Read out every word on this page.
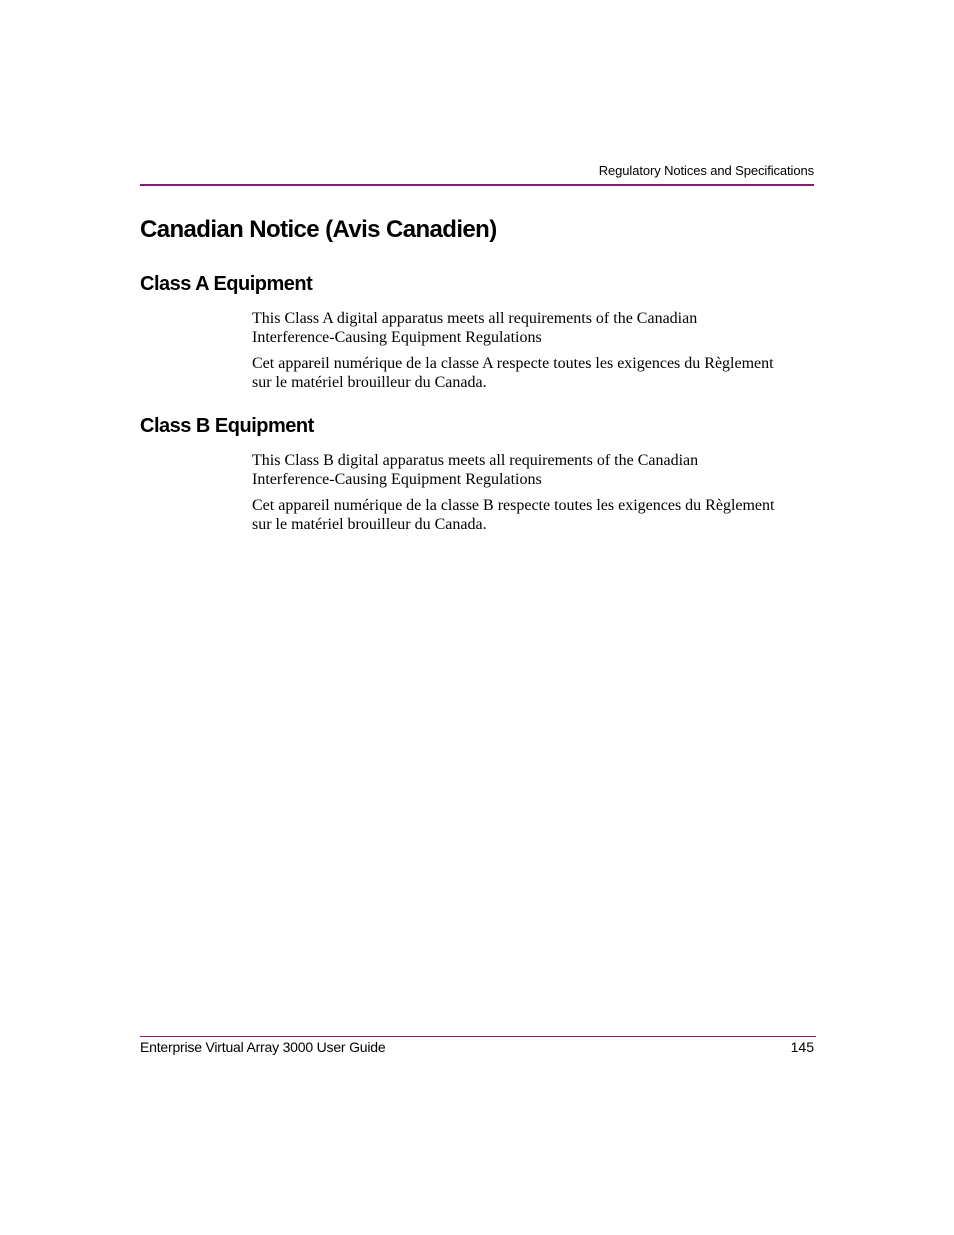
Regulatory Notices and Specifications
Canadian Notice (Avis Canadien)
Class A Equipment

This Class A digital apparatus meets all requirements of the Canadian
Interference-Causing Equipment Regulations

Cet appareil numérique de la classe A respecte toutes les exigences du Règlement
sur le matériel brouilleur du Canada.

Class B Equipment

This Class B digital apparatus meets all requirements of the Canadian
Interference-Causing Equipment Regulations

Cet appareil numérique de la classe B respecte toutes les exigences du Règlement
sur le matériel brouilleur du Canada.

Enterprise Virtual Array 3000 User Guide	145
